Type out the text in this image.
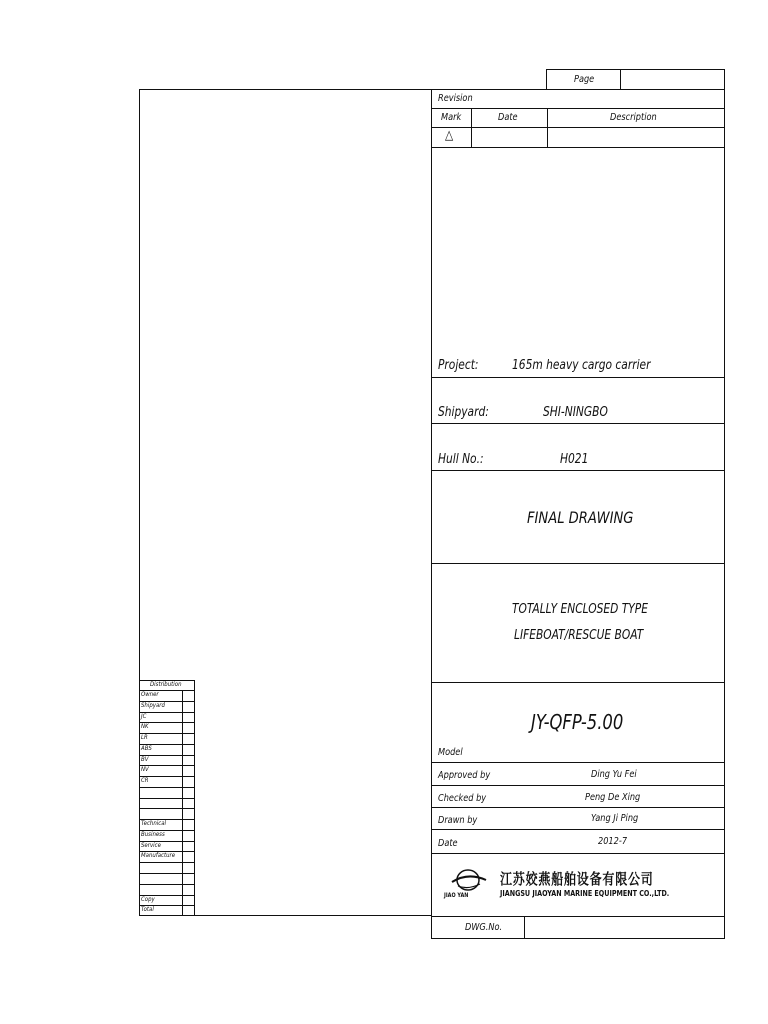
Page
Revision
Mark	Date	Description
△
Project:	165m heavy cargo carrier
Shipyard:	SHI-NINGBO
Hull No.:	H021
FINAL DRAWING
TOTALLY ENCLOSED TYPE
LIFEBOAT/RESCUE BOAT
JY-QFP-5.00
Model
Approved by	Ding Yu Fei
Checked by	Peng De Xing
Drawn by	Yang Ji Ping
Date	2012-7
JIAO YAN
江苏姣燕船舶设备有限公司
JIANGSU JIAOYAN MARINE EQUIPMENT CO.,LTD.
DWG.No.
Distribution
Owner
Shipyard
JC
NK
LR
ABS
BV
NV
CR
Technical
Business
Service
Manufacture
Copy
Total
